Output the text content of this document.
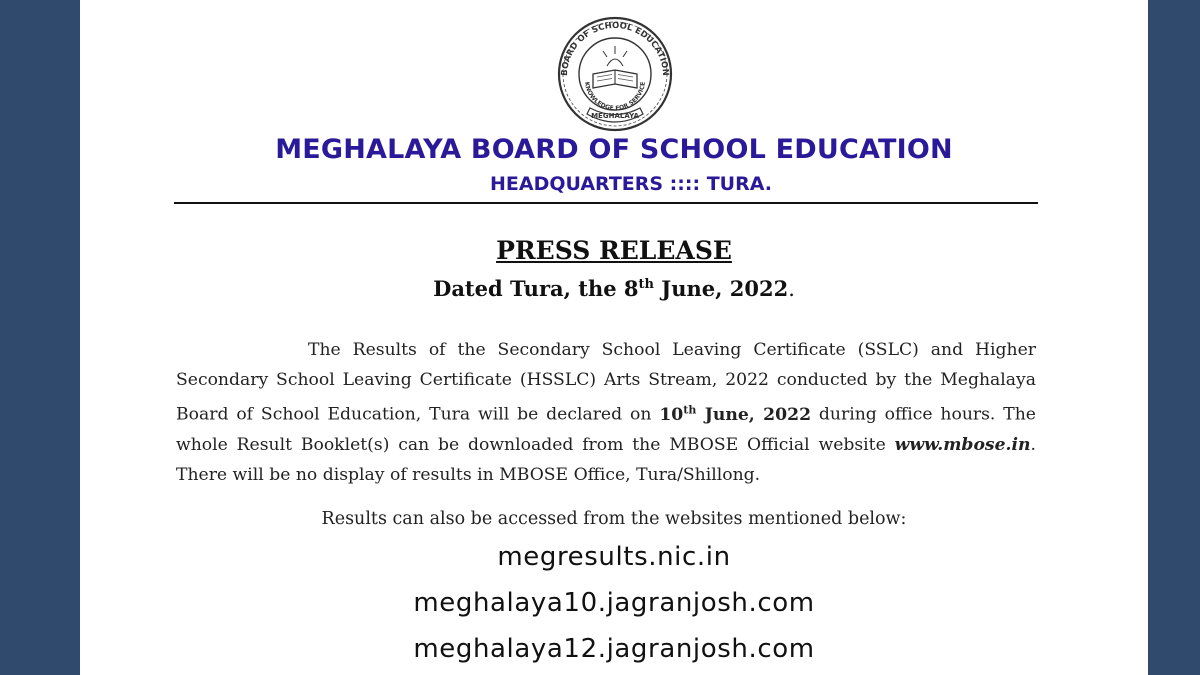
BOARD OF SCHOOL EDUCATION
KNOWLEDGE FOR SERVICE
MEGHALAYA
MEGHALAYA BOARD OF SCHOOL EDUCATION
HEADQUARTERS :::: TURA.
PRESS RELEASE
Dated Tura, the 8th June, 2022.
The Results of the Secondary School Leaving Certificate (SSLC) and Higher Secondary School Leaving Certificate (HSSLC) Arts Stream, 2022 conducted by the Meghalaya Board of School Education, Tura will be declared on 10th June, 2022 during office hours. The whole Result Booklet(s) can be downloaded from the MBOSE Official website www.mbose.in. There will be no display of results in MBOSE Office, Tura/Shillong.
Results can also be accessed from the websites mentioned below:
megresults.nic.in
meghalaya10.jagranjosh.com
meghalaya12.jagranjosh.com
